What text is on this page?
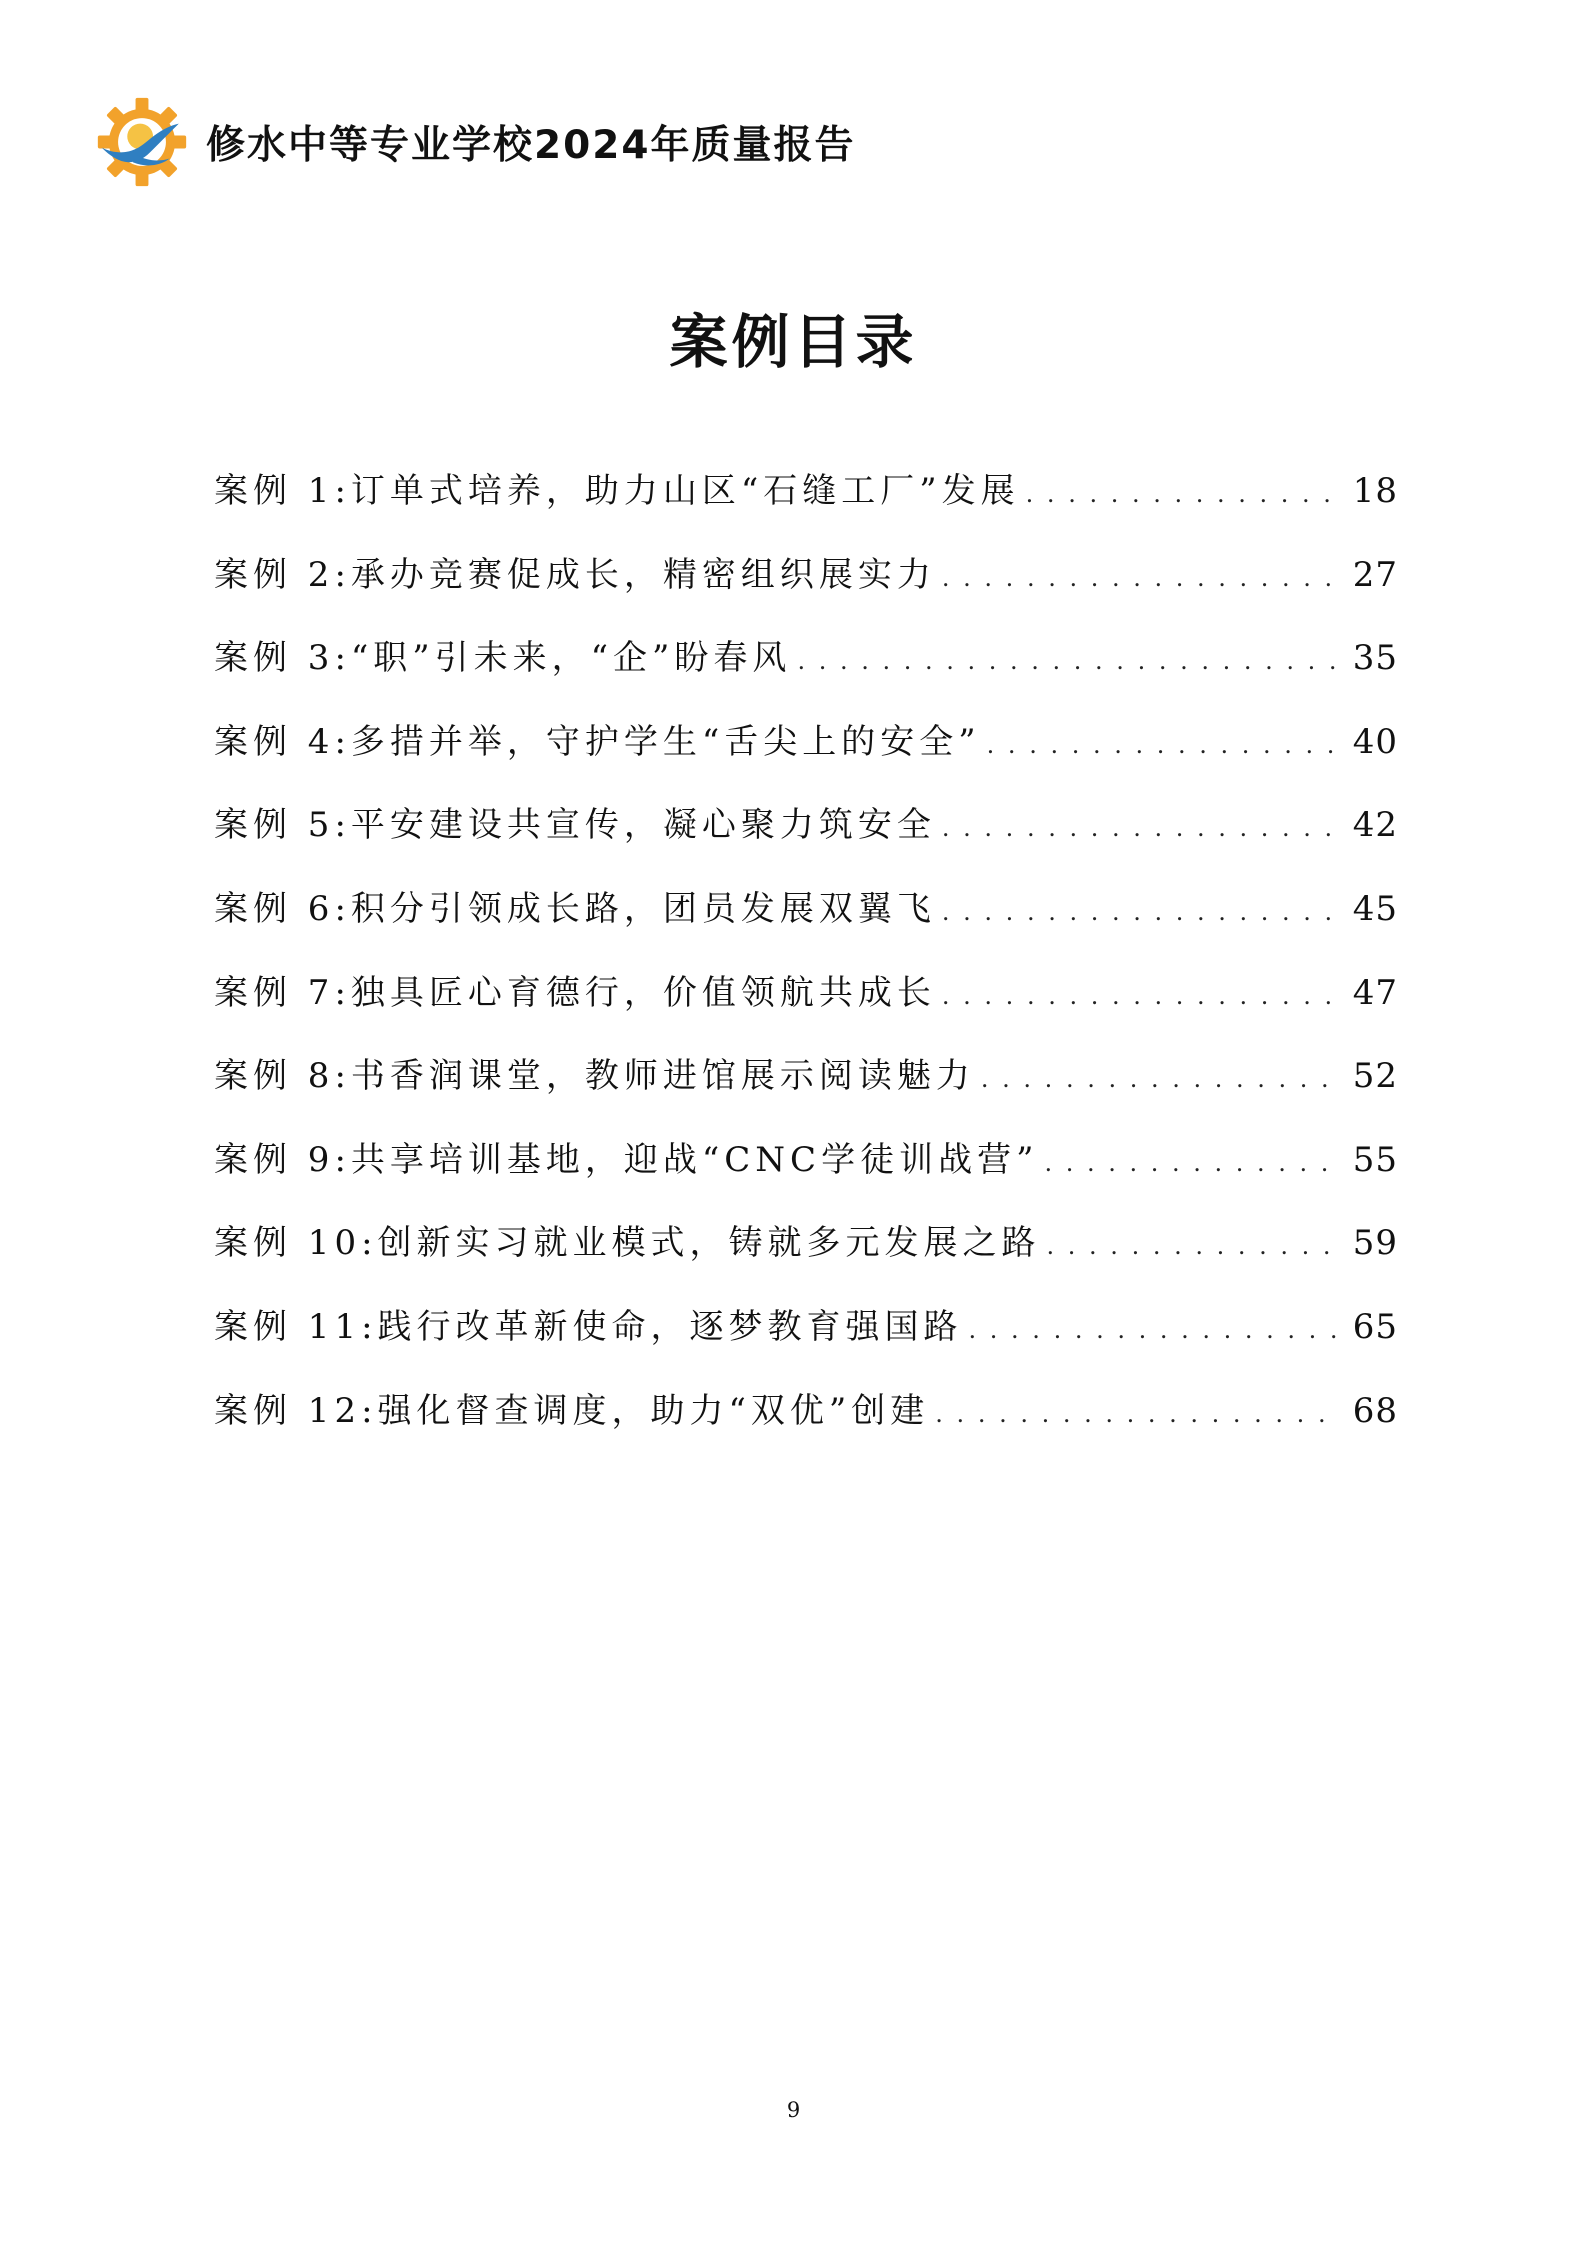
修水中等专业学校2024年质量报告
案例目录
案例 1: 订单式培养，助力山区“石缝工厂”发展 . . .	18
案例 2: 承办竞赛促成长，精密组织展实力 . . .	27
案例 3: “职”引未来，“企”盼春风 . . .	35
案例 4: 多措并举，守护学生“舌尖上的安全” . . .	40
案例 5: 平安建设共宣传，凝心聚力筑安全 . . .	42
案例 6: 积分引领成长路，团员发展双翼飞 . . .	45
案例 7: 独具匠心育德行，价值领航共成长 . . .	47
案例 8: 书香润课堂，教师进馆展示阅读魅力 . . .	52
案例 9: 共享培训基地，迎战“CNC学徒训战营” . . .	55
案例 10: 创新实习就业模式，铸就多元发展之路 . . .	59
案例 11: 践行改革新使命，逐梦教育强国路 . . .	65
案例 12: 强化督查调度，助力“双优”创建 . . .	68
9
